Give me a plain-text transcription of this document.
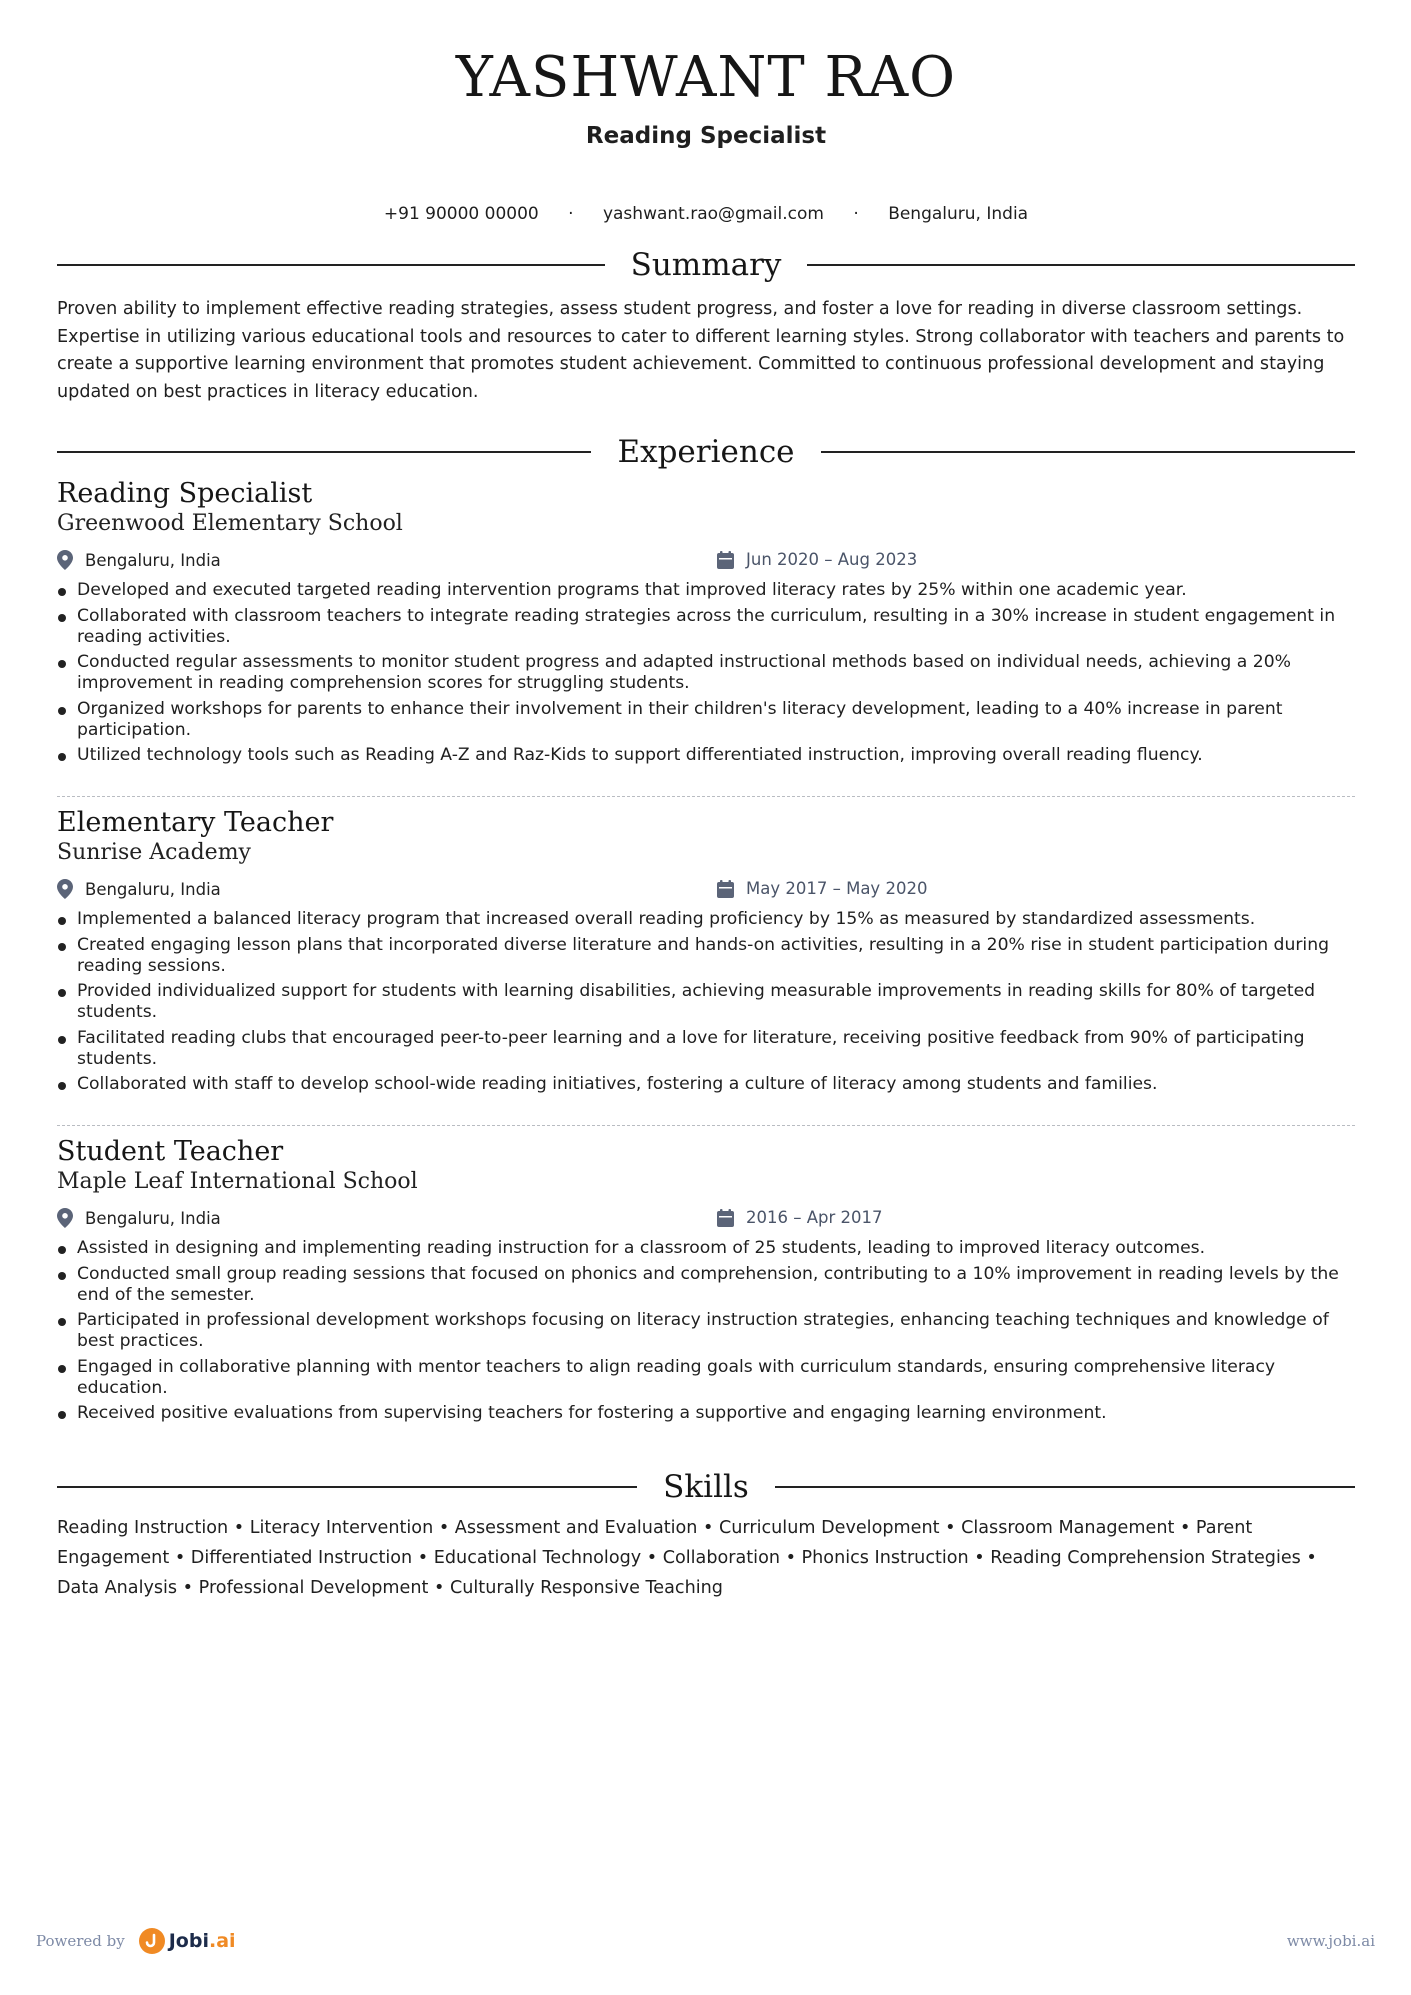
YASHWANT RAO
Reading Specialist
+91 90000 00000 · yashwant.rao@gmail.com · Bengaluru, India
Summary
Proven ability to implement effective reading strategies, assess student progress, and foster a love for reading in diverse classroom settings. Expertise in utilizing various educational tools and resources to cater to different learning styles. Strong collaborator with teachers and parents to create a supportive learning environment that promotes student achievement. Committed to continuous professional development and staying updated on best practices in literacy education.
Experience
Reading Specialist
Greenwood Elementary School
Bengaluru, India	Jun 2020 – Aug 2023
Developed and executed targeted reading intervention programs that improved literacy rates by 25% within one academic year.
Collaborated with classroom teachers to integrate reading strategies across the curriculum, resulting in a 30% increase in student engagement in reading activities.
Conducted regular assessments to monitor student progress and adapted instructional methods based on individual needs, achieving a 20% improvement in reading comprehension scores for struggling students.
Organized workshops for parents to enhance their involvement in their children's literacy development, leading to a 40% increase in parent participation.
Utilized technology tools such as Reading A-Z and Raz-Kids to support differentiated instruction, improving overall reading fluency.
Elementary Teacher
Sunrise Academy
Bengaluru, India	May 2017 – May 2020
Implemented a balanced literacy program that increased overall reading proficiency by 15% as measured by standardized assessments.
Created engaging lesson plans that incorporated diverse literature and hands-on activities, resulting in a 20% rise in student participation during reading sessions.
Provided individualized support for students with learning disabilities, achieving measurable improvements in reading skills for 80% of targeted students.
Facilitated reading clubs that encouraged peer-to-peer learning and a love for literature, receiving positive feedback from 90% of participating students.
Collaborated with staff to develop school-wide reading initiatives, fostering a culture of literacy among students and families.
Student Teacher
Maple Leaf International School
Bengaluru, India	2016 – Apr 2017
Assisted in designing and implementing reading instruction for a classroom of 25 students, leading to improved literacy outcomes.
Conducted small group reading sessions that focused on phonics and comprehension, contributing to a 10% improvement in reading levels by the end of the semester.
Participated in professional development workshops focusing on literacy instruction strategies, enhancing teaching techniques and knowledge of best practices.
Engaged in collaborative planning with mentor teachers to align reading goals with curriculum standards, ensuring comprehensive literacy education.
Received positive evaluations from supervising teachers for fostering a supportive and engaging learning environment.
Skills
Reading Instruction • Literacy Intervention • Assessment and Evaluation • Curriculum Development • Classroom Management • Parent Engagement • Differentiated Instruction • Educational Technology • Collaboration • Phonics Instruction • Reading Comprehension Strategies • Data Analysis • Professional Development • Culturally Responsive Teaching
Powered by Jobi.ai	www.jobi.ai
